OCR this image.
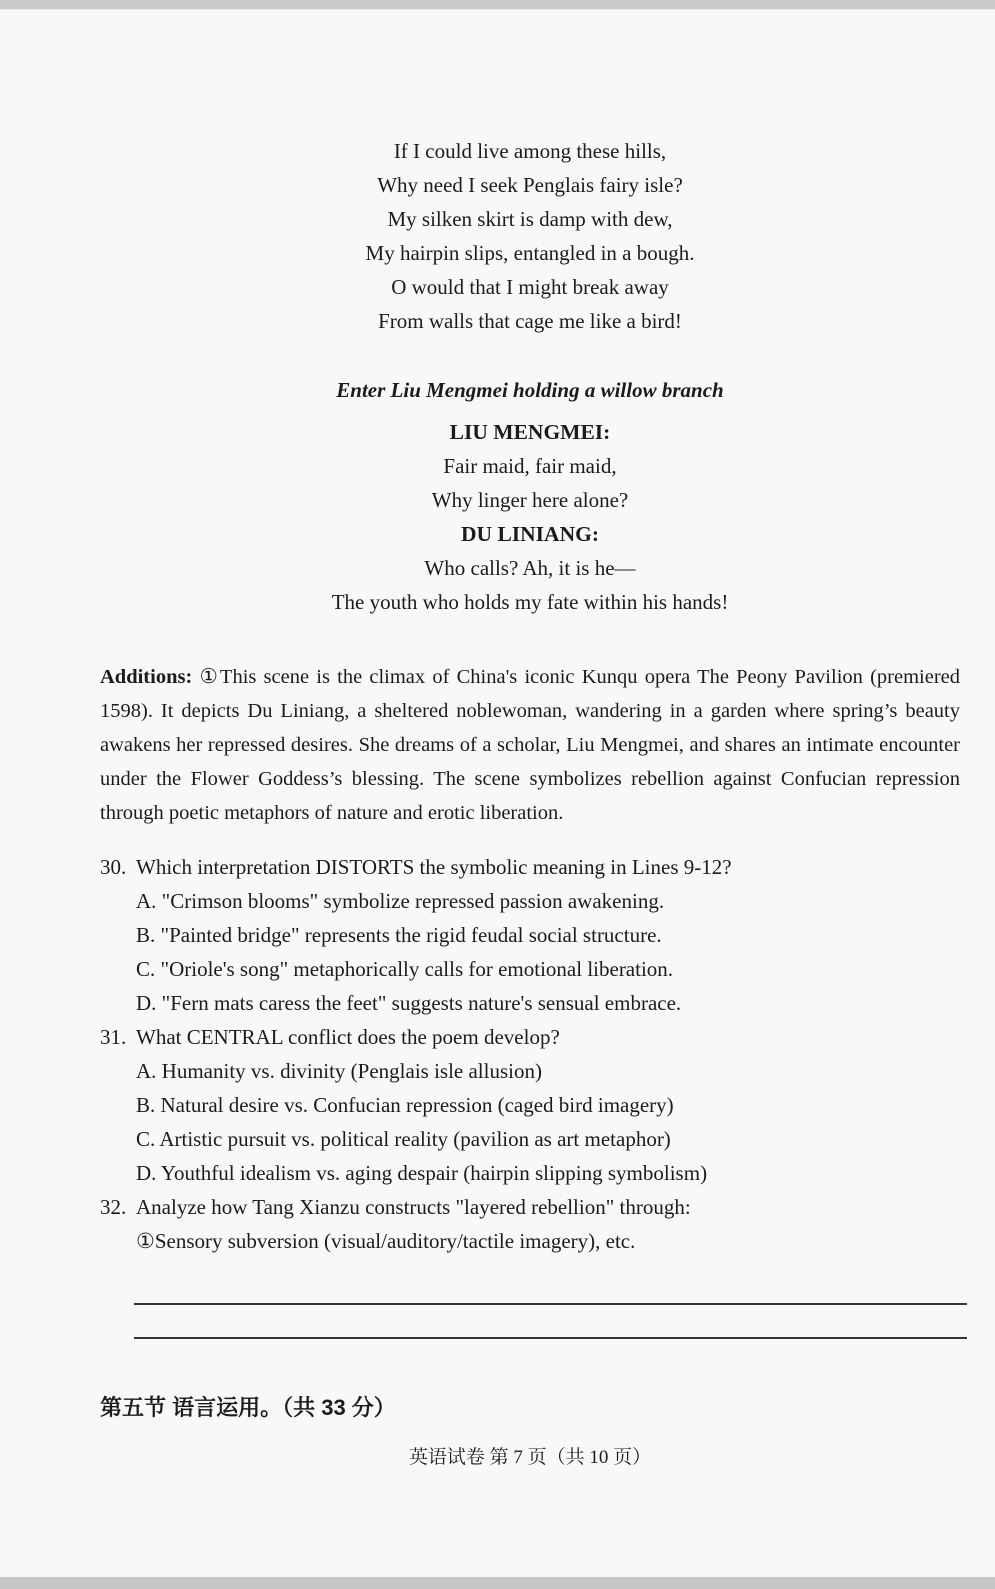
If I could live among these hills,

Why need I seek Penglais fairy isle?

My silken skirt is damp with dew,

My hairpin slips, entangled in a bough.

O would that I might break away

From walls that cage me like a bird!

Enter Liu Mengmei holding a willow branch

LIU MENGMEI:

Fair maid, fair maid,

Why linger here alone?

DU LINIANG:

Who calls? Ah, it is he—

The youth who holds my fate within his hands!

Additions: ①This scene is the climax of China's iconic Kunqu opera The Peony Pavilion (premiered 1598). It depicts Du Liniang, a sheltered noblewoman, wandering in a garden where spring’s beauty awakens her repressed desires. She dreams of a scholar, Liu Mengmei, and shares an intimate encounter under the Flower Goddess’s blessing. The scene symbolizes rebellion against Confucian repression through poetic metaphors of nature and erotic liberation.

30. Which interpretation DISTORTS the symbolic meaning in Lines 9-12?

A. "Crimson blooms" symbolize repressed passion awakening.

B. "Painted bridge" represents the rigid feudal social structure.

C. "Oriole's song" metaphorically calls for emotional liberation.

D. "Fern mats caress the feet" suggests nature's sensual embrace.

31. What CENTRAL conflict does the poem develop?

A. Humanity vs. divinity (Penglais isle allusion)

B. Natural desire vs. Confucian repression (caged bird imagery)

C. Artistic pursuit vs. political reality (pavilion as art metaphor)

D. Youthful idealism vs. aging despair (hairpin slipping symbolism)

32. Analyze how Tang Xianzu constructs "layered rebellion" through:

①Sensory subversion (visual/auditory/tactile imagery), etc.

第五节 语言运用。（共 33 分）

英语试卷 第 7 页（共 10 页）
